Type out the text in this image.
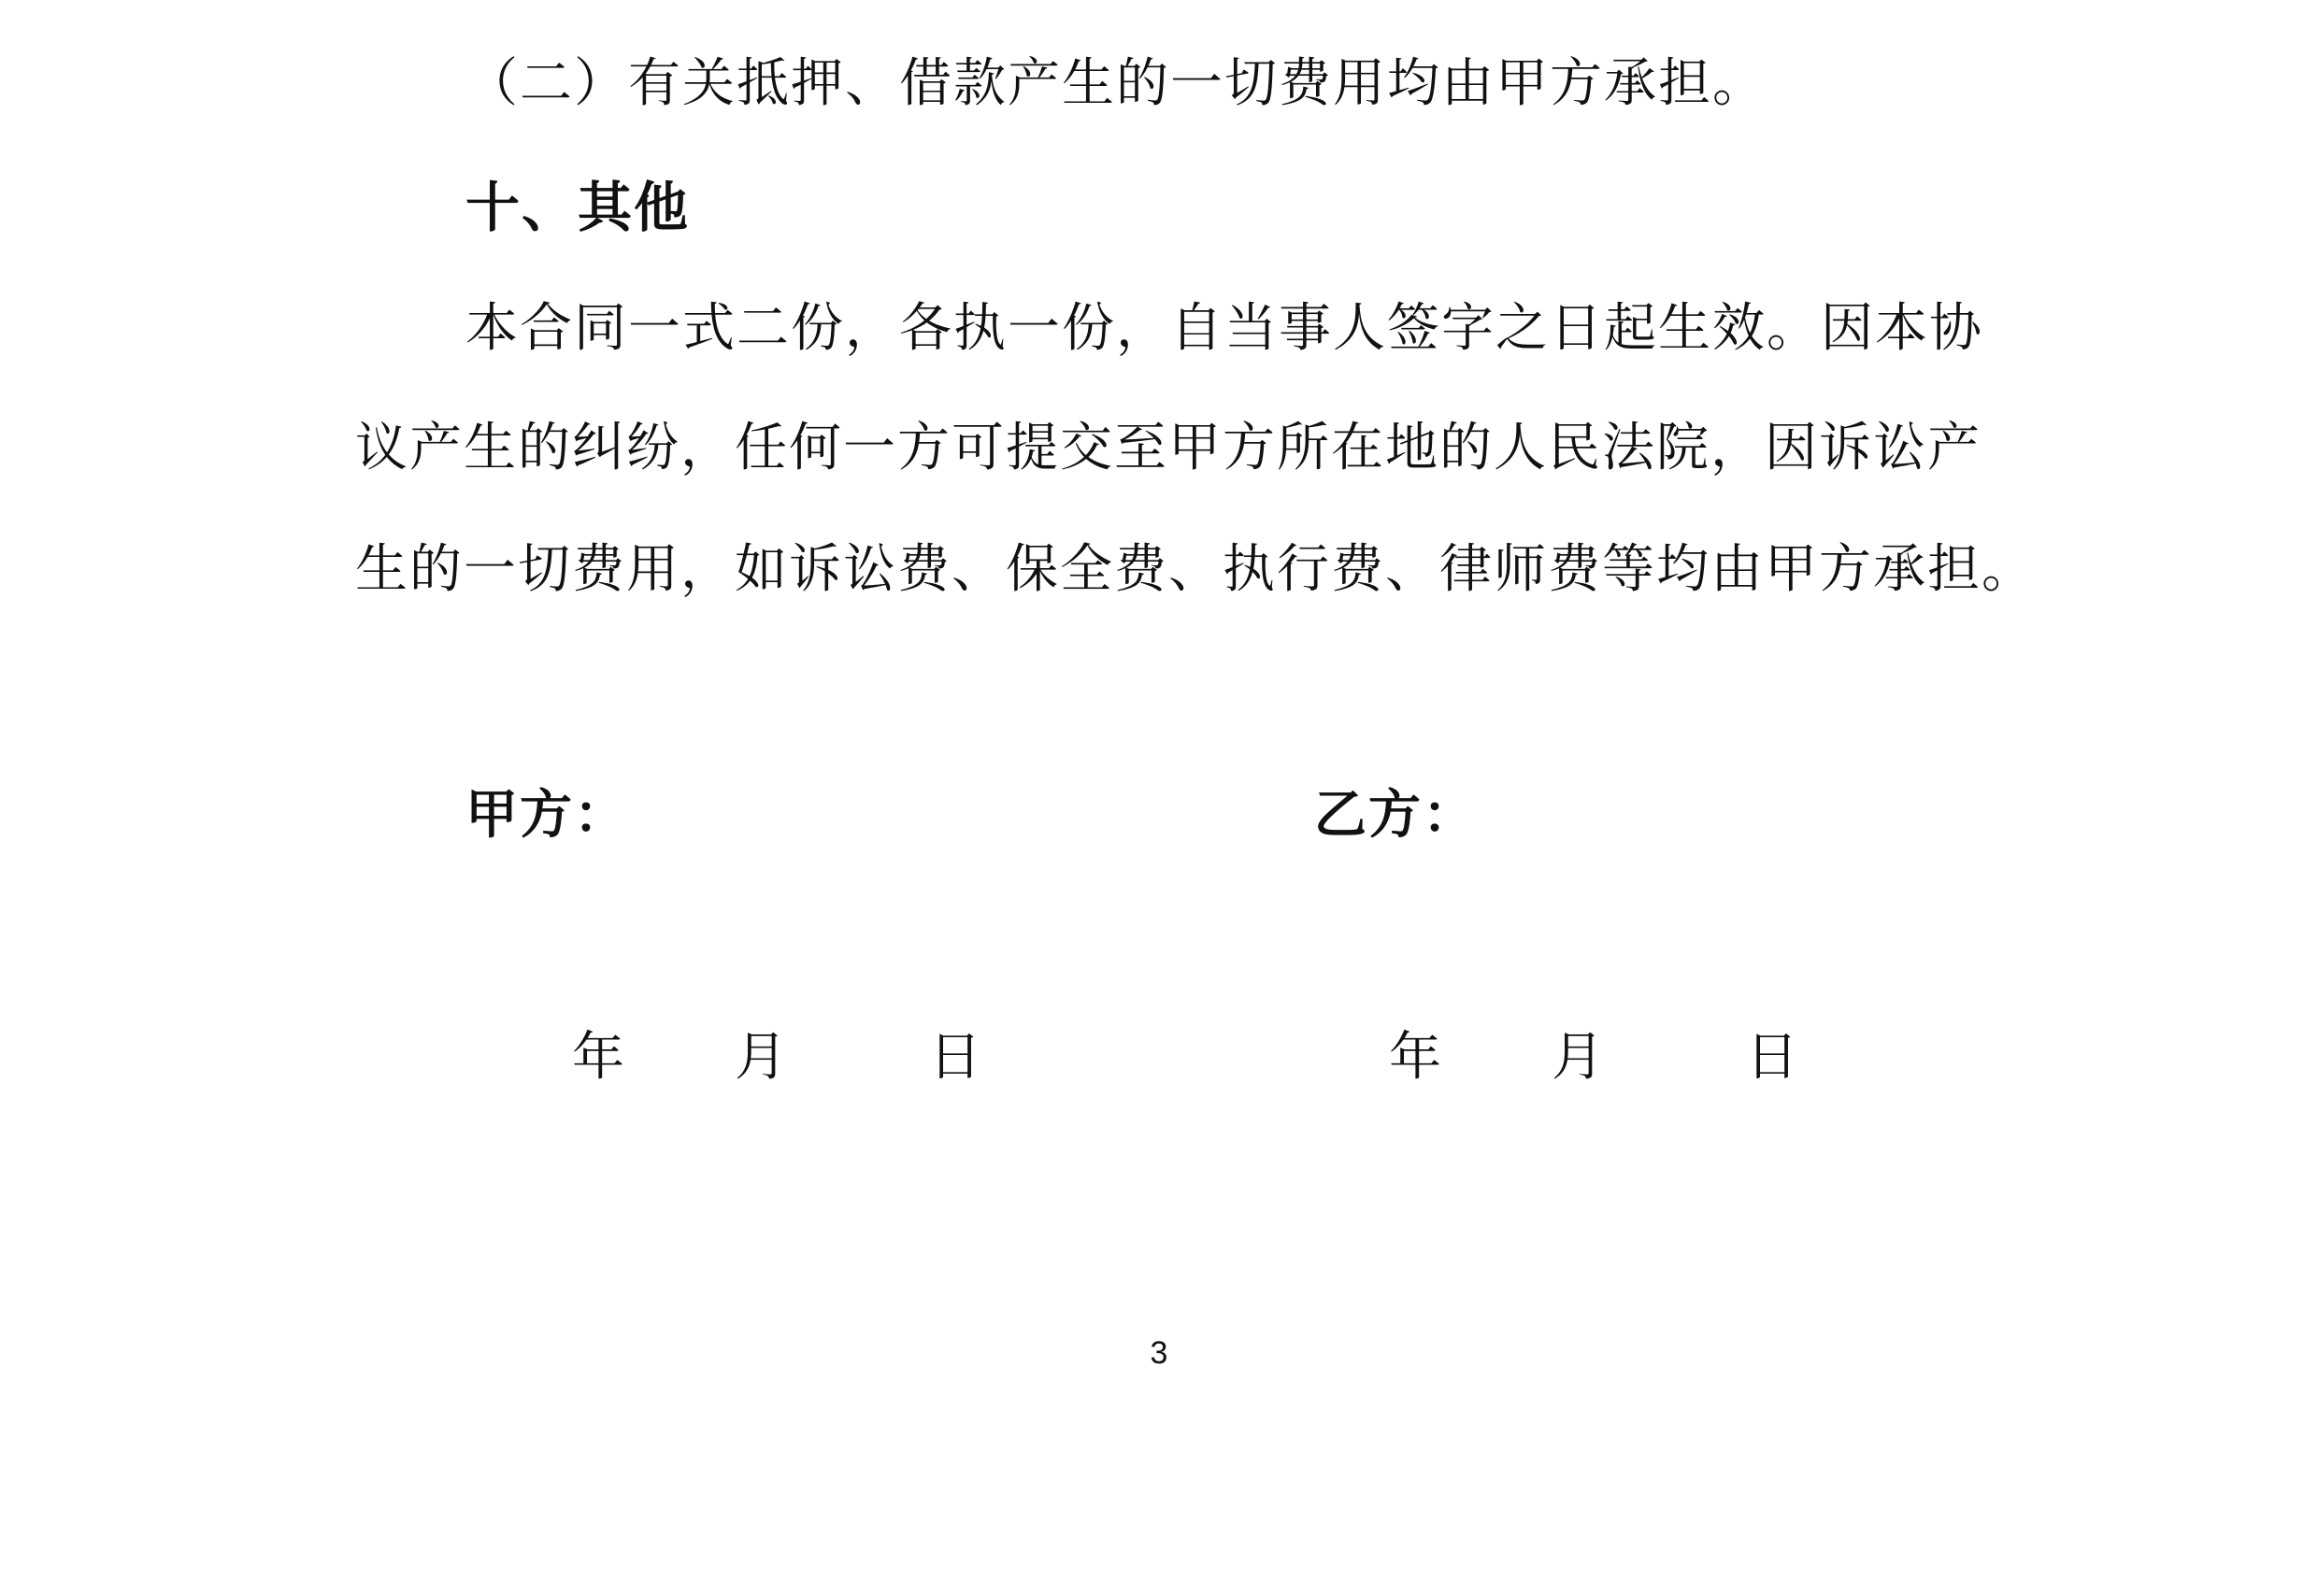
（二）有关抵押、借款产生的一切费用均由甲方承担。
十、其他
本合同一式二份，各执一份，自当事人签字之日起生效。因本协
议产生的纠纷，任何一方可提交至甲方所在地的人民法院，因诉讼产
生的一切费用，如诉讼费、保全费、执行费、律师费等均由甲方承担。
甲方：	乙方：
年 月	日	年 月	日
3
